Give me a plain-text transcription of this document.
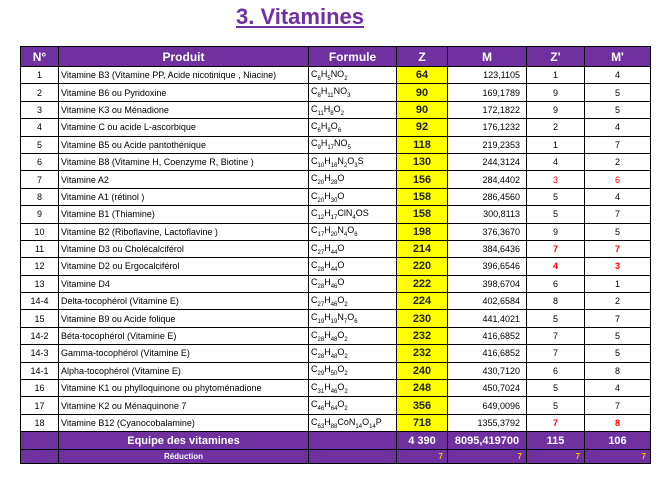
3. Vitamines
N°	Produit	Formule	Z	M	Z'	M'
1	Vitamine B3 (Vitamine PP, Acide nicotinique , Niacine)	$C_6H_5NO_2$	64	123,1105	1	4
2	Vitamine B6 ou Pyridoxine	$C_8H_{11}NO_3$	90	169,1789	9	5
3	Vitamine K3 ou Ménadione	$C_{11}H_8O_2$	90	172,1822	9	5
4	Vitamine C ou acide L-ascorbique	$C_6H_8O_6$	92	176,1232	2	4
5	Vitamine B5 ou Acide pantothénique	$C_9H_{17}NO_5$	118	219,2353	1	7
6	Vitamine B8 (Vitamine H, Coenzyme R, Biotine )	$C_{10}H_{16}N_2O_3S$	130	244,3124	4	2
7	Vitamine A2	$C_{20}H_{28}O$	156	284,4402	3	6
8	Vitamine A1 (rétinol )	$C_{20}H_{30}O$	158	286,4560	5	4
9	Vitamine B1 (Thiamine)	$C_{12}H_{17}ClN_4OS$	158	300,8113	5	7
10	Vitamine B2 (Riboflavine, Lactoflavine )	$C_{17}H_{20}N_4O_6$	198	376,3670	9	5
11	Vitamine D3 ou Cholécalciférol	$C_{27}H_{44}O$	214	384,6436	7	7
12	Vitamine D2 ou Ergocalciférol	$C_{28}H_{44}O$	220	396,6546	4	3
13	Vitamine D4	$C_{28}H_{46}O$	222	398,6704	6	1
14-4	Delta-tocophérol (Vitamine E)	$C_{27}H_{46}O_2$	224	402,6584	8	2
15	Vitamine B9 ou Acide folique	$C_{19}H_{19}N_7O_6$	230	441,4021	5	7
14-2	Béta-tocophérol (Vitamine E)	$C_{28}H_{48}O_2$	232	416,6852	7	5
14-3	Gamma-tocophérol (Vitamine E)	$C_{28}H_{48}O_2$	232	416,6852	7	5
14-1	Alpha-tocophérol (Vitamine E)	$C_{29}H_{50}O_2$	240	430,7120	6	8
16	Vitamine K1 ou phylloquinone ou phytoménadione	$C_{31}H_{46}O_2$	248	450,7024	5	4
17	Vitamine K2 ou Ménaquinone 7	$C_{46}H_{64}O_2$	356	649,0096	5	7
18	Vitamine B12 (Cyanocobalamine)	$C_{63}H_{88}CoN_{14}O_{14}P$	718	1355,3792	7	8
	Equipe des vitamines		4 390	8095,419700	115	106
	Réduction		7	7	7	7
